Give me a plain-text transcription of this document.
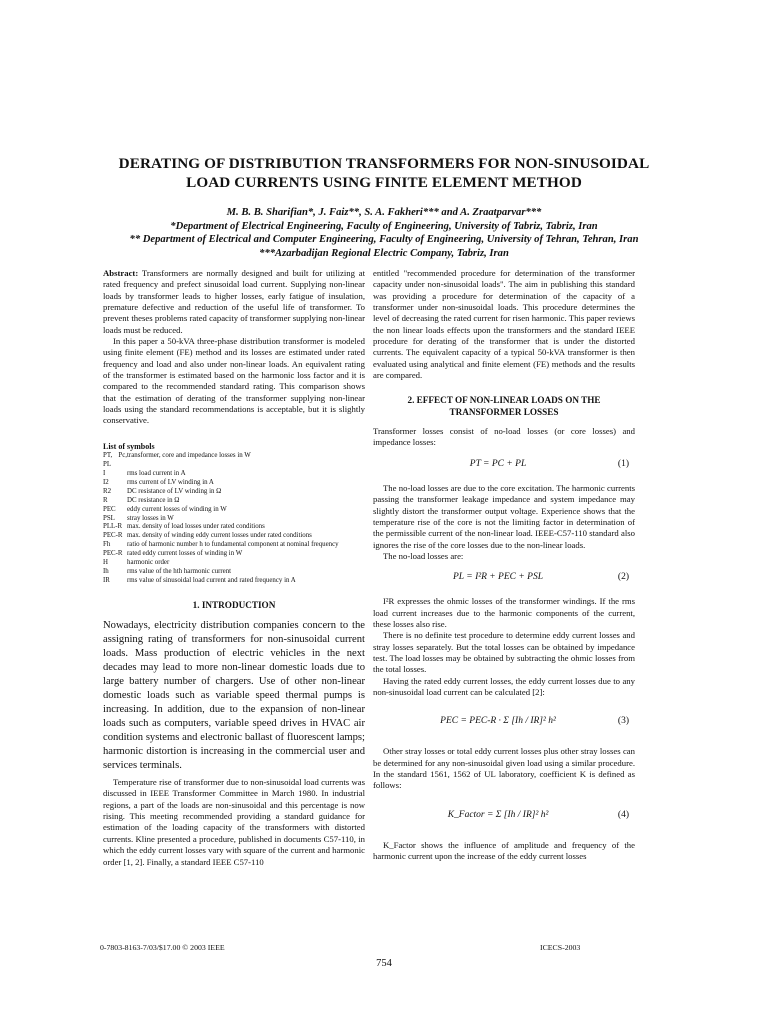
DERATING OF DISTRIBUTION TRANSFORMERS FOR NON-SINUSOIDAL
LOAD CURRENTS USING FINITE ELEMENT METHOD
M. B. B. Sharifian*, J. Faiz**, S. A. Fakheri*** and A. Zraatparvar***
*Department of Electrical Engineering, Faculty of Engineering, University of Tabriz, Tabriz, Iran
** Department of Electrical and Computer Engineering, Faculty of Engineering, University of Tehran, Tehran, Iran
***Azarbadijan Regional Electric Company, Tabriz, Iran

Abstract: Transformers are normally designed and built for utilizing at rated frequency and prefect sinusoidal load current. Supplying non-linear loads by transformer leads to higher losses, early fatigue of insulation, premature defective and reduction of the useful life of transformer. To prevent theses problems rated capacity of transformer supplying non-linear loads must be reduced.

In this paper a 50-kVA three-phase distribution transformer is modeled using finite element (FE) method and its losses are estimated under rated frequency and load and also under non-linear loads. An equivalent rating of the transformer is estimated based on the harmonic loss factor and it is compared to the recommended standard rating. This comparison shows that the estimation of derating of the transformer supplying non-linear loads using the standard recommendations is acceptable, but it is slightly conservative.

List of symbols

PT, Pc, PL	transformer, core and impedance losses in W
I	rms load current in A
I2	rms current of LV winding in A
R2	DC resistance of LV winding in Ω
R	DC resistance in Ω
PEC	eddy current losses of winding in W
PSL	stray losses in W
PLL-R	max. density of load losses under rated conditions
PEC-R	max. density of winding eddy current losses under rated conditions
Fh	ratio of harmonic number h to fundamental component at nominal frequency
PEC-R	rated eddy current losses of winding in W
H	harmonic order
Ih	rms value of the hth harmonic current
IR	rms value of sinusoidal load current and rated frequency in A

1. INTRODUCTION

Nowadays, electricity distribution companies concern to the assigning rating of transformers for non-sinusoidal current loads. Mass production of electric vehicles in the next decades may lead to more non-linear domestic loads due to large battery number of chargers. Use of other non-linear domestic loads such as variable speed thermal pumps is increasing. In addition, due to the expansion of non-linear loads such as computers, variable speed drives in HVAC air condition systems and electronic ballast of fluorescent lamps; harmonic distortion is increasing in the commercial user and services terminals.

Temperature rise of transformer due to non-sinusoidal load currents was discussed in IEEE Transformer Committee in March 1980. In industrial regions, a part of the loads are non-sinusoidal and this percentage is now rising. This meeting recommended providing a standard guidance for estimation of the loading capacity of the transformers with distorted currents. Kline presented a procedure, published in documents C57-110, in which the eddy current losses vary with square of the current and harmonic order [1, 2]. Finally, a standard IEEE C57-110

entitled "recommended procedure for determination of the transformer capacity under non-sinusoidal loads". The aim in publishing this standard was providing a procedure for determination of the capacity of a transformer under non-sinusoidal loads. This procedure determines the level of decreasing the rated current for risen harmonic. This paper reviews the non linear loads effects upon the transformers and the standard IEEE procedure for derating of the transformer that is under the distorted currents. The equivalent capacity of a typical 50-kVA transformer is then evaluated using analytical and finite element (FE) methods and the results are compared.

2. EFFECT OF NON-LINEAR LOADS ON THE
TRANSFORMER LOSSES

Transformer losses consist of no-load losses (or core losses) and impedance losses:

PT = PC + PL	(1)

The no-load losses are due to the core excitation. The harmonic currents passing the transformer leakage impedance and system impedance may slightly distort the transformer output voltage. Experience shows that the temperature rise of the core is not the limiting factor in determination of the permissible current of the non-linear load. IEEE-C57-110 standard also ignores the rise of the core losses due to the non-linear loads.

The no-load losses are:

PL = I²R + PEC + PSL	(2)

I²R expresses the ohmic losses of the transformer windings. If the rms load current increases due to the harmonic components of the current, these losses also rise.

There is no definite test procedure to determine eddy current losses and stray losses separately. But the total losses can be obtained by impedance test. The load losses may be obtained by subtracting the ohmic losses from the total losses.

Having the rated eddy current losses, the eddy current losses due to any non-sinusoidal load current can be calculated [2]:

PEC = PEC-R · Σ [Ih / IR]² h²	(3)

Other stray losses or total eddy current losses plus other stray losses can be determined for any non-sinusoidal given load using a similar procedure. In the standard 1561, 1562 of UL laboratory, coefficient K is defined as follows:

K_Factor = Σ [Ih / IR]² h²	(4)

K_Factor shows the influence of amplitude and frequency of the harmonic current upon the increase of the eddy current losses

0-7803-8163-7/03/$17.00 © 2003 IEEE	ICECS-2003
754
